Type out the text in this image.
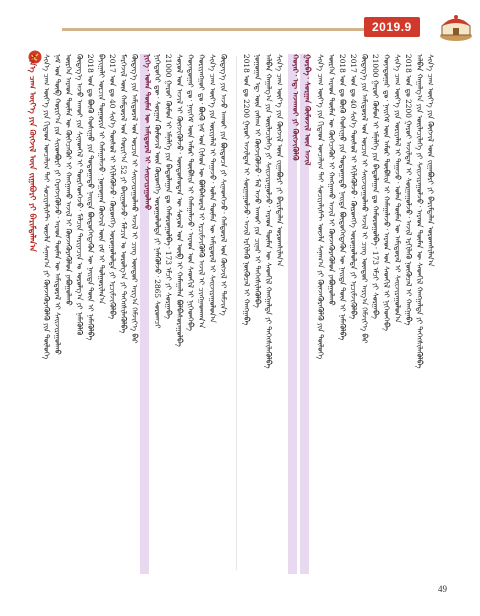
2019.9
ᠰᠢᠨ᠎ᠡ ᠴᠠᠭ ᠦᠶ᠎ᠡ ᠶᠢᠨ ᠬᠥᠭᠵᠢᠯ ᠦᠨ ᠵᠢᠭᠠᠪᠤᠷᠢ ᠶᠢ ᠪᠠᠷᠢᠮᠲᠠᠯᠠᠨ᠎ᠠ ᠰᠢᠨ᠎ᠡ ᠴᠠᠭ ᠦᠶ᠎ᠡ ᠶᠢᠨ ᠬᠢᠲᠠᠳ ᠣᠨᠴᠠᠯᠢᠭ ᠲᠠᠢ ᠰᠣᠴᠢᠶᠠᠯᠢᠰᠲ ᠦᠵᠯᠡ ᠰᠠᠨᠠᠭ᠎ᠠ ᠶᠢ ᠭᠦᠨᠵᠡᠭᠦᠷᠡᠭᠦᠯᠬᠦ ᠶᠢᠨ ᠲᠥᠯᠥᠭᠡ ᠨᠠᠮ ᠤᠨ ᠲᠥᠪ ᠬᠣᠷᠢᠶ᠎ᠠ ᠶᠢᠨ ᠰᠢᠢᠳᠪᠦᠷᠢ ᠶᠢ ᠬᠡᠷᠡᠭᠵᠢᠭᠦᠯᠵᠦ᠂ ᠠᠷᠠᠳ ᠲᠦᠮᠡᠨ ᠦ ᠠᠮᠢᠳᠤᠷᠠᠯ ᠢ ᠰᠠᠢᠵᠢᠷᠠᠭᠤᠯᠬᠤ ᠥᠷᠭᠡᠨ ᠠᠷᠠᠳ ᠲᠦᠮᠡᠨ ᠦ ᠬᠥᠬᠡᠴᠡᠭᠦᠷ ᠢ ᠬᠠᠩᠭᠠᠬᠤ ᠠᠵᠢᠯ ᠢ ᠭᠦᠨᠵᠡᠭᠦᠷᠡᠭᠦᠯᠦᠨ ᠶᠠᠪᠤᠭᠤᠯᠬᠤ ᠬᠥᠳᠡᠭ᠎ᠡ ᠠᠵᠤ ᠠᠬᠤᠢ ᠶᠢᠨ ᠰᠢᠨᠡᠳᠬᠡᠯ ᠢ ᠲᠦᠷᠭᠡᠳᠬᠡᠵᠦ᠂ ᠮᠠᠯᠴᠢᠨ ᠲᠠᠷᠢᠶᠠᠴᠢᠨ ᠤ ᠣᠷᠣᠯᠭ᠎ᠠ ᠶᠢ ᠨᠡᠮᠡᠭᠦᠯᠬᠦ 2018 ᠣᠨ ᠳᠤ ᠪᠦᠬᠦ ᠬᠣᠰᠢᠭᠤ ᠶᠢᠨ ᠳᠣᠲᠣᠭᠠᠳᠤ ᠨᠡᠢᠲᠡ ᠪᠦᠲᠦᠭᠡᠭᠳᠡᠬᠦᠨ ᠦ ᠨᠡᠢᠲᠡ ᠳᠦᠨ ᠢ ᠨᠡᠮᠡᠭᠦᠯᠪᠡ ᠪᠠᠶᠢᠭᠠᠯᠢ ᠣᠷᠴᠢᠨ ᠲᠣᠭᠣᠷᠢᠨ ᠢ ᠬᠠᠮᠠᠭᠠᠯᠠᠵᠤ᠂ ᠨᠣᠭᠣᠭᠠᠨ ᠬᠥᠭᠵᠢᠯ ᠦᠨ ᠵᠠᠮ ᠢ ᠲᠤᠯᠭᠤᠷᠢᠯᠠᠨ᠎ᠠ 2017 ᠣᠨ ᠳᠤ 40 ᠰᠢᠨ᠎ᠡ ᠲᠥᠰᠥᠯ ᠢ ᠡᠬᠢᠯᠡᠭᠦᠯᠵᠦ᠂ ᠬᠥᠷᠥᠩᠭᠡ ᠣᠷᠣᠭᠤᠯᠤᠯᠲᠠ ᠶᠢ ᠡᠷᠴᠢᠮᠵᠢᠭᠦᠯᠪᠡ ᠮᠡᠷᠭᠡᠵᠢᠯ ᠦᠨ ᠬᠠᠮᠲᠤᠷᠠᠯ ᠤᠨ ᠬᠣᠷᠢᠶ᠎ᠠ 52 ᠶᠢ ᠪᠠᠢᠭᠤᠯᠵᠤ᠂ ᠮᠠᠯᠴᠢᠨ ᠤ ᠣᠷᠣᠯᠭ᠎ᠠ ᠶᠢ ᠳᠡᠭᠡᠭᠰᠢᠯᠡᠭᠦᠯᠪᠡ ᠬᠦᠳᠡᠭ᠎ᠡ ᠶᠢᠨ ᠠᠮᠢᠳᠤᠷᠠᠯ ᠤᠨ ᠣᠷᠴᠢᠨ ᠢ ᠰᠠᠢᠵᠢᠷᠠᠭᠤᠯᠬᠤ ᠠᠵᠢᠯ ᠢ ᠴᠢᠩ ᠥᠨᠳᠥᠷ ᠠᠷᠭ᠎ᠠ ᠬᠡᠮᠵᠢᠶ᠎ᠡ ᠪᠡᠷ ᠨᠢᠭᠡ᠂ ᠣᠯᠠᠨ ᠲᠦᠮᠡᠨ ᠦ ᠠᠮᠢᠳᠤᠷᠠᠯ ᠢ ᠰᠠᠢᠵᠢᠷᠠᠭᠤᠯᠬᠤ ᠨᠢᠭᠡᠳᠦᠭᠡᠷ ᠳᠦ᠂ ᠰᠤᠷᠭᠠᠨ ᠬᠦᠮᠦᠵᠢᠯ ᠦᠨ ᠬᠥᠷᠥᠩᠭᠡ ᠣᠷᠣᠭᠤᠯᠤᠯᠲᠠ ᠶᠢ ᠨᠡᠮᠡᠭᠦᠯᠵᠦ᠂ 2865 ᠰᠤᠷᠤᠭᠴᠢ 21000 ᠭᠠᠷᠤᠢ ᠬᠦᠮᠦᠨ ᠢ ᠡᠮᠨᠡᠯᠭᠡ ᠶᠢᠨ ᠪᠠᠲᠤᠯᠠᠭᠠᠨ ᠳᠤ ᠬᠠᠮᠤᠷᠤᠭᠤᠯᠪᠠ᠂ 173 ᠡᠮᠴᠢ ᠶᠢ ᠰᠤᠷᠭᠠᠪᠠ ᠰᠣᠶᠣᠯ ᠤᠨ ᠠᠵᠢᠯ ᠢ ᠬᠥᠭᠵᠢᠭᠦᠯᠵᠦ᠂ ᠦᠨᠳᠦᠰᠦᠲᠡᠨ ᠦ ᠰᠣᠶᠣᠯ ᠤᠨ ᠥᠪ ᠢ ᠬᠠᠮᠠᠭᠠᠯᠠᠨ ᠪᠣᠯᠪᠠᠰᠤᠷᠠᠭᠤᠯᠪᠠ ᠬᠤᠶᠠᠳᠤᠭᠠᠷ ᠳᠤ᠂ ᠨᠡᠢᠭᠡᠮ ᠦᠨ ᠠᠮᠤᠷ ᠲᠦᠪᠰᠢᠨ ᠢ ᠬᠠᠮᠠᠭᠠᠯᠠᠵᠤ᠂ ᠠᠷᠠᠳ ᠤᠨ ᠰᠡᠳᠬᠢᠯ ᠢ ᠨᠢᠭᠡᠳᠬᠡᠪᠡ ᠬᠤᠷᠢᠶᠠᠩᠭᠤᠢ ᠳᠤ᠂ ᠪᠦᠬᠦ ᠨᠠᠮ ᠤᠨ ᠭᠢᠰᠦᠨ ᠦ ᠪᠣᠯᠪᠠᠰᠤᠷᠠᠯ ᠢ ᠡᠷᠴᠢᠮᠵᠢᠭᠦᠯᠬᠦ ᠠᠵᠢᠯ ᠢ ᠴᠢᠩᠭᠠᠳᠬᠠᠨ᠎ᠠ ᠰᠢᠨ᠎ᠡ ᠴᠠᠭ ᠦᠶ᠎ᠡ ᠶᠢᠨ ᠤᠷᠢᠶᠠᠯᠠᠯ ᠢ ᠳᠠᠭᠠᠵᠤ᠂ ᠣᠯᠠᠨ ᠲᠦᠮᠡᠨ ᠦ ᠠᠮᠢᠳᠤᠷᠠᠯ ᠢ ᠰᠠᠢᠵᠢᠷᠠᠭᠤᠯᠤᠨ᠎ᠠ ᠬᠥᠳᠡᠭ᠎ᠡ ᠶᠢᠨ ᠠᠵᠤ ᠠᠬᠤᠢ ᠶᠢᠨ ᠪᠦᠲᠦᠴᠡ ᠶᠢ ᠰᠢᠨᠡᠳᠬᠡᠵᠦ᠂ ᠬᠠᠮᠲᠤᠷᠠᠯ ᠤᠨ ᠬᠥᠭᠵᠢᠯ ᠢ ᠳᠡᠮᠵᠢᠨ᠎ᠡ 2018 ᠣᠨ ᠳᠤ 2200 ᠭᠠᠷᠤᠢ ᠠᠵᠢᠯᠲᠠᠨ ᠢ ᠰᠤᠷᠭᠠᠭᠤᠯᠵᠤ᠂ ᠠᠵᠢᠯ ᠡᠷᠬᠢᠯᠡᠬᠦ ᠨᠥᠬᠥᠴᠡᠯ ᠢ ᠬᠠᠩᠭᠠᠪᠠ ᠨᠣᠭᠣᠭᠠᠨ ᠡᠳ᠋ ᠦᠨ ᠵᠠᠰᠠᠭ ᠢ ᠬᠥᠭᠵᠢᠭᠦᠯᠵᠦ᠂ ᠮᠠᠯ ᠠᠵᠤ ᠠᠬᠤᠢ ᠶᠢᠨ ᠴᠢᠨᠠᠷ ᠢ ᠳᠡᠭᠡᠭᠰᠢᠯᠡᠭᠦᠯᠪᠡ ᠠᠯᠪᠠᠨ ᠬᠠᠭᠠᠯᠭ᠎ᠠ ᠶᠢᠨ ᠦᠢᠯᠡᠴᠢᠯᠡᠭᠡ ᠶᠢ ᠰᠠᠢᠵᠢᠷᠠᠭᠤᠯᠵᠤ᠂ ᠠᠷᠠᠳ ᠲᠦᠮᠡᠨ ᠦ ᠰᠡᠳᠬᠢᠯ ᠬᠠᠩᠭᠠᠯᠲᠠ ᠶᠢ ᠳᠡᠭᠡᠭᠰᠢᠯᠡᠭᠦᠯᠪᠡ ᠰᠢᠨ᠎ᠡ ᠴᠠᠭ ᠦᠶ᠎ᠡ ᠶᠢᠨ ᠬᠥᠭᠵᠢᠯ ᠦᠨ ᠵᠢᠭᠠᠪᠤᠷᠢ ᠶᠢ ᠪᠠᠷᠢᠮᠲᠠᠯᠠᠨ ᠤᠷᠤᠭᠰᠢᠯᠠᠨ᠎ᠠ ᠬᠣᠶᠠᠷ᠂ ᠡᠳ᠋ ᠠᠵᠠᠬᠤᠢ ᠶᠢ ᠬᠥᠭᠵᠢᠭᠦᠯᠬᠦ ᠭᠤᠷᠪᠠ᠂ ᠰᠤᠷᠭᠠᠨ ᠬᠦᠮᠦᠵᠢᠯ ᠦᠨ ᠠᠵᠢᠯ ᠰᠢᠨ᠎ᠡ ᠴᠠᠭ ᠦᠶ᠎ᠡ ᠶᠢᠨ ᠬᠢᠲᠠᠳ ᠣᠨᠴᠠᠯᠢᠭ ᠲᠠᠢ ᠰᠣᠴᠢᠶᠠᠯᠢᠰᠲ ᠦᠵᠯᠡ ᠰᠠᠨᠠᠭ᠎ᠠ ᠶᠢ ᠭᠦᠨᠵᠡᠭᠦᠷᠡᠭᠦᠯᠬᠦ ᠶᠢᠨ ᠲᠥᠯᠥᠭᠡ ᠥᠷᠭᠡᠨ ᠠᠷᠠᠳ ᠲᠦᠮᠡᠨ ᠦ ᠬᠥᠬᠡᠴᠡᠭᠦᠷ ᠢ ᠬᠠᠩᠭᠠᠬᠤ ᠠᠵᠢᠯ ᠢ ᠭᠦᠨᠵᠡᠭᠦᠷᠡᠭᠦᠯᠦᠨ ᠶᠠᠪᠤᠭᠤᠯᠬᠤ 2018 ᠣᠨ ᠳᠤ ᠪᠦᠬᠦ ᠬᠣᠰᠢᠭᠤ ᠶᠢᠨ ᠳᠣᠲᠣᠭᠠᠳᠤ ᠨᠡᠢᠲᠡ ᠪᠦᠲᠦᠭᠡᠭᠳᠡᠬᠦᠨ ᠦ ᠨᠡᠢᠲᠡ ᠳᠦᠨ ᠢ ᠨᠡᠮᠡᠭᠦᠯᠪᠡ 2017 ᠣᠨ ᠳᠤ 40 ᠰᠢᠨ᠎ᠡ ᠲᠥᠰᠥᠯ ᠢ ᠡᠬᠢᠯᠡᠭᠦᠯᠵᠦ᠂ ᠬᠥᠷᠥᠩᠭᠡ ᠣᠷᠣᠭᠤᠯᠤᠯᠲᠠ ᠶᠢ ᠡᠷᠴᠢᠮᠵᠢᠭᠦᠯᠪᠡ ᠬᠦᠳᠡᠭ᠎ᠡ ᠶᠢᠨ ᠠᠮᠢᠳᠤᠷᠠᠯ ᠤᠨ ᠣᠷᠴᠢᠨ ᠢ ᠰᠠᠢᠵᠢᠷᠠᠭᠤᠯᠬᠤ ᠠᠵᠢᠯ ᠢ ᠴᠢᠩ ᠥᠨᠳᠥᠷ ᠠᠷᠭ᠎ᠠ ᠬᠡᠮᠵᠢᠶ᠎ᠡ ᠪᠡᠷ 21000 ᠭᠠᠷᠤᠢ ᠬᠦᠮᠦᠨ ᠢ ᠡᠮᠨᠡᠯᠭᠡ ᠶᠢᠨ ᠪᠠᠲᠤᠯᠠᠭᠠᠨ ᠳᠤ ᠬᠠᠮᠤᠷᠤᠭᠤᠯᠪᠠ᠂ 173 ᠡᠮᠴᠢ ᠶᠢ ᠰᠤᠷᠭᠠᠪᠠ ᠬᠤᠶᠠᠳᠤᠭᠠᠷ ᠳᠤ᠂ ᠨᠡᠢᠭᠡᠮ ᠦᠨ ᠠᠮᠤᠷ ᠲᠦᠪᠰᠢᠨ ᠢ ᠬᠠᠮᠠᠭᠠᠯᠠᠵᠤ᠂ ᠠᠷᠠᠳ ᠤᠨ ᠰᠡᠳᠬᠢᠯ ᠢ ᠨᠢᠭᠡᠳᠬᠡᠪᠡ ᠰᠢᠨ᠎ᠡ ᠴᠠᠭ ᠦᠶ᠎ᠡ ᠶᠢᠨ ᠤᠷᠢᠶᠠᠯᠠᠯ ᠢ ᠳᠠᠭᠠᠵᠤ᠂ ᠣᠯᠠᠨ ᠲᠦᠮᠡᠨ ᠦ ᠠᠮᠢᠳᠤᠷᠠᠯ ᠢ ᠰᠠᠢᠵᠢᠷᠠᠭᠤᠯᠤᠨ᠎ᠠ 2018 ᠣᠨ ᠳᠤ 2200 ᠭᠠᠷᠤᠢ ᠠᠵᠢᠯᠲᠠᠨ ᠢ ᠰᠤᠷᠭᠠᠭᠤᠯᠵᠤ᠂ ᠠᠵᠢᠯ ᠡᠷᠬᠢᠯᠡᠬᠦ ᠨᠥᠬᠥᠴᠡᠯ ᠢ ᠬᠠᠩᠭᠠᠪᠠ ᠠᠯᠪᠠᠨ ᠬᠠᠭᠠᠯᠭ᠎ᠠ ᠶᠢᠨ ᠦᠢᠯᠡᠴᠢᠯᠡᠭᠡ ᠶᠢ ᠰᠠᠢᠵᠢᠷᠠᠭᠤᠯᠵᠤ᠂ ᠠᠷᠠᠳ ᠲᠦᠮᠡᠨ ᠦ ᠰᠡᠳᠬᠢᠯ ᠬᠠᠩᠭᠠᠯᠲᠠ ᠶᠢ ᠳᠡᠭᠡᠭᠰᠢᠯᠡᠭᠦᠯᠪᠡ ᠰᠢᠨ᠎ᠡ ᠴᠠᠭ ᠦᠶ᠎ᠡ ᠶᠢᠨ ᠬᠥᠭᠵᠢᠯ ᠦᠨ ᠵᠢᠭᠠᠪᠤᠷᠢ ᠶᠢ ᠪᠠᠷᠢᠮᠲᠠᠯᠠᠨ ᠤᠷᠤᠭᠰᠢᠯᠠᠨ᠎ᠠ
49
